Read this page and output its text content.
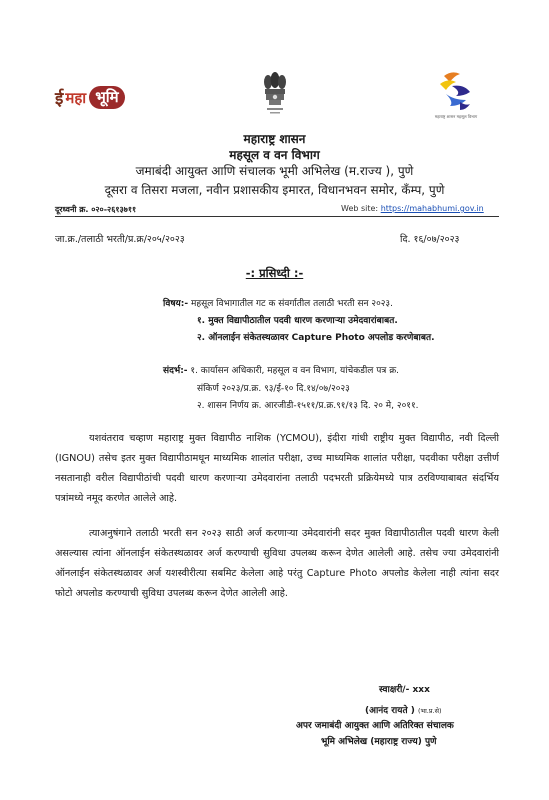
ई महा भूमि
महाराष्ट्र शासन महसूल विभाग
महाराष्ट्र शासन
महसूल व वन विभाग
जमाबंदी आयुक्त आणि संचालक भूमी अभिलेख (म.राज्य ), पुणे
दूसरा व तिसरा मजला, नवीन प्रशासकीय इमारत, विधानभवन समोर, कँम्प, पुणे
दूरध्वनी क्र. ०२०-२६१३७११	Web site: https://mahabhumi.gov.in
जा.क्र./तलाठी भरती/प्र.क्र/२०५/२०२३	दि. १६/०७/२०२३
-: प्रसिध्दी :-
विषय:- महसूल विभागातील गट क संवर्गातील तलाठी भरती सन २०२३.
१. मुक्त विद्यापीठातील पदवी धारण करणाऱ्या उमेदवारांबाबत.
२. ऑनलाईन संकेतस्थळावर Capture Photo अपलोड करणेबाबत.
संदर्भ:- १. कार्यासन अधिकारी, महसूल व वन विभाग, यांचेकडील पत्र क्र.
संकिर्ण २०२३/प्र.क्र. ९३/ई-१० दि.१४/०७/२०२३
२. शासन निर्णय क्र. आरजीडी-१५११/प्र.क्र.९१/१३ दि. २० मे, २०११.
यशवंतराव चव्हाण महाराष्ट्र मुक्त विद्यापीठ नाशिक (YCMOU), इंदीरा गांधी राष्ट्रीय मुक्त विद्यापीठ, नवी दिल्ली (IGNOU) तसेच इतर मुक्त विद्यापीठामधून माध्यमिक शालांत परीक्षा, उच्च माध्यमिक शालांत परीक्षा, पदवीका परीक्षा उत्तीर्ण नसतानाही वरील विद्यापीठांची पदवी धारण करणाऱ्या उमेदवारांना तलाठी पदभरती प्रक्रियेमध्ये पात्र ठरविण्याबाबत संदर्भिय पत्रांमध्ये नमूद करणेत आलेले आहे.
त्याअनुषंगाने तलाठी भरती सन २०२३ साठी अर्ज करणाऱ्या उमेदवारांनी सदर मुक्त विद्यापीठातील पदवी धारण केली असल्यास त्यांना ऑनलाईन संकेतस्थळावर अर्ज करण्याची सुविधा उपलब्ध करून देणेत आलेली आहे. तसेच ज्या उमेदवारांनी ऑनलाईन संकेतस्थळावर अर्ज यशस्वीरीत्या सबमिट केलेला आहे परंतु Capture Photo अपलोड केलेला नाही त्यांना सदर फोटो अपलोड करण्याची सुविधा उपलब्ध करून देणेत आलेली आहे.
स्वाक्षरी/- xxx
(आनंद रायते ) (भा.प्र.से)
अपर जमाबंदी आयुक्त आणि अतिरिक्त संचालक
भूमि अभिलेख (महाराष्ट्र राज्य) पुणे
